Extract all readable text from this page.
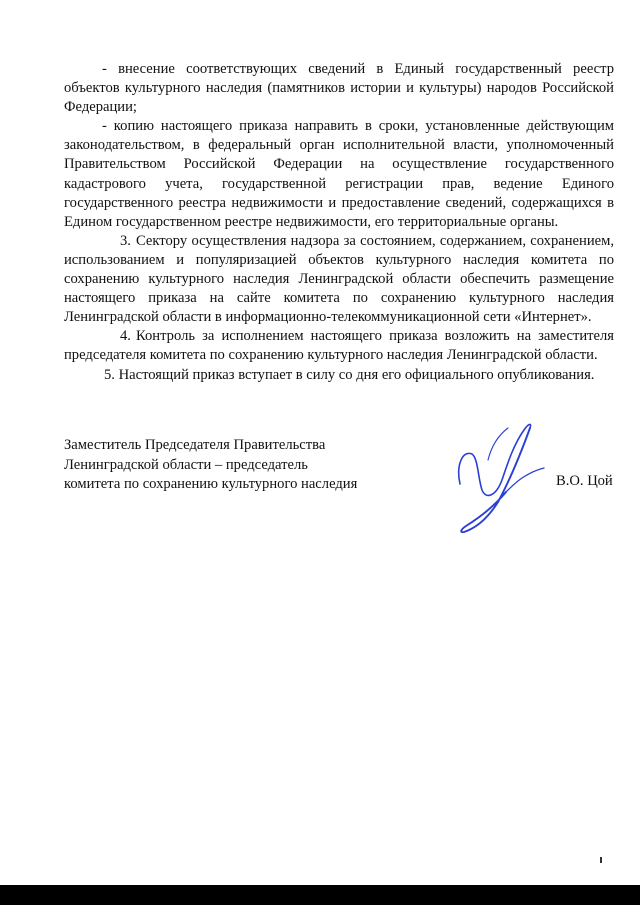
- внесение соответствующих сведений в Единый государственный реестр объектов культурного наследия (памятников истории и культуры) народов Российской Федерации;

- копию настоящего приказа направить в сроки, установленные действующим законодательством, в федеральный орган исполнительной власти, уполномоченный Правительством Российской Федерации на осуществление государственного кадастрового учета, государственной регистрации прав, ведение Единого государственного реестра недвижимости и предоставление сведений, содержащихся в Едином государственном реестре недвижимости, его территориальные органы.

3. Сектору осуществления надзора за состоянием, содержанием, сохранением, использованием и популяризацией объектов культурного наследия комитета по сохранению культурного наследия Ленинградской области обеспечить размещение настоящего приказа на сайте комитета по сохранению культурного наследия Ленинградской области в информационно-телекоммуникационной сети «Интернет».

4. Контроль за исполнением настоящего приказа возложить на заместителя председателя комитета по сохранению культурного наследия Ленинградской области.

5. Настоящий приказ вступает в силу со дня его официального опубликования.

Заместитель Председателя Правительства
Ленинградской области – председатель
комитета по сохранению культурного наследия	В.О. Цой
